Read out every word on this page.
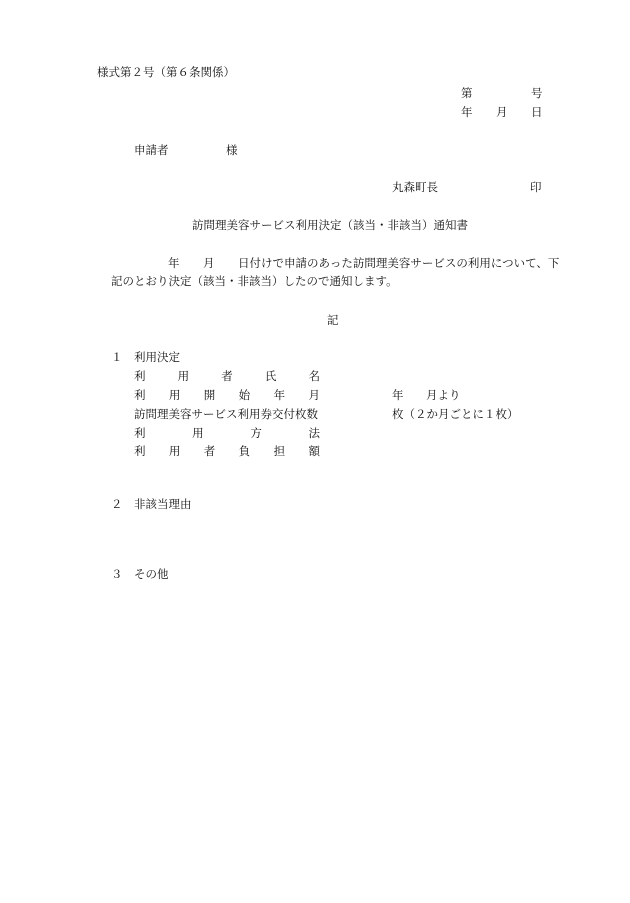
様式第２号（第６条関係）
第	号
年 月 日
申請者	様
丸森町長	印
訪問理美容サービス利用決定（該当・非該当）通知書
年 月 日付けで申請のあった訪問理美容サービスの利用について、下
記のとおり決定（該当・非該当）したので通知します。
記
１　利用決定
利	用	者	氏	名
利 用 開 始 年 月	年 月より
訪問理美容サービス利用券交付枚数	枚（２か月ごとに１枚）
利	用	方	法
利 用 者 負 担 額
２　非該当理由
３　その他
